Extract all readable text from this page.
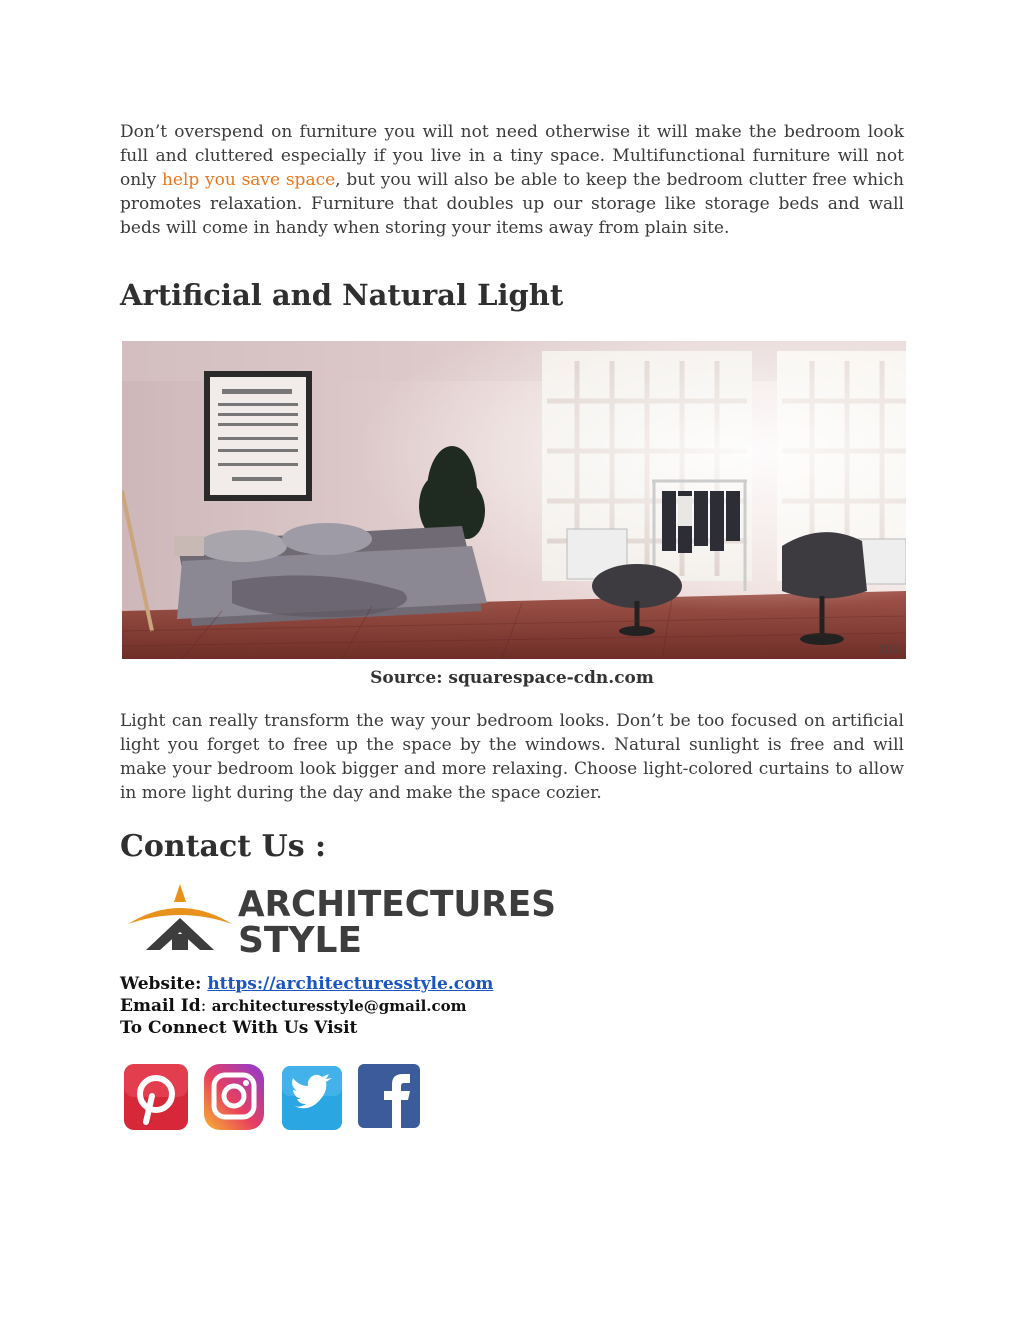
Don’t overspend on furniture you will not need otherwise it will make the bedroom look full and cluttered especially if you live in a tiny space. Multifunctional furniture will not only help you save space, but you will also be able to keep the bedroom clutter free which promotes relaxation. Furniture that doubles up our storage like storage beds and wall beds will come in handy when storing your items away from plain site.

Artificial and Natural Light
DG
Source: squarespace-cdn.com

Light can really transform the way your bedroom looks. Don’t be too focused on artificial light you forget to free up the space by the windows. Natural sunlight is free and will make your bedroom look bigger and more relaxing. Choose light-colored curtains to allow in more light during the day and make the space cozier.

Contact Us :
ARCHITECTURES
STYLE
Website: https://architecturesstyle.com
Email Id: architecturesstyle@gmail.com
To Connect With Us Visit
